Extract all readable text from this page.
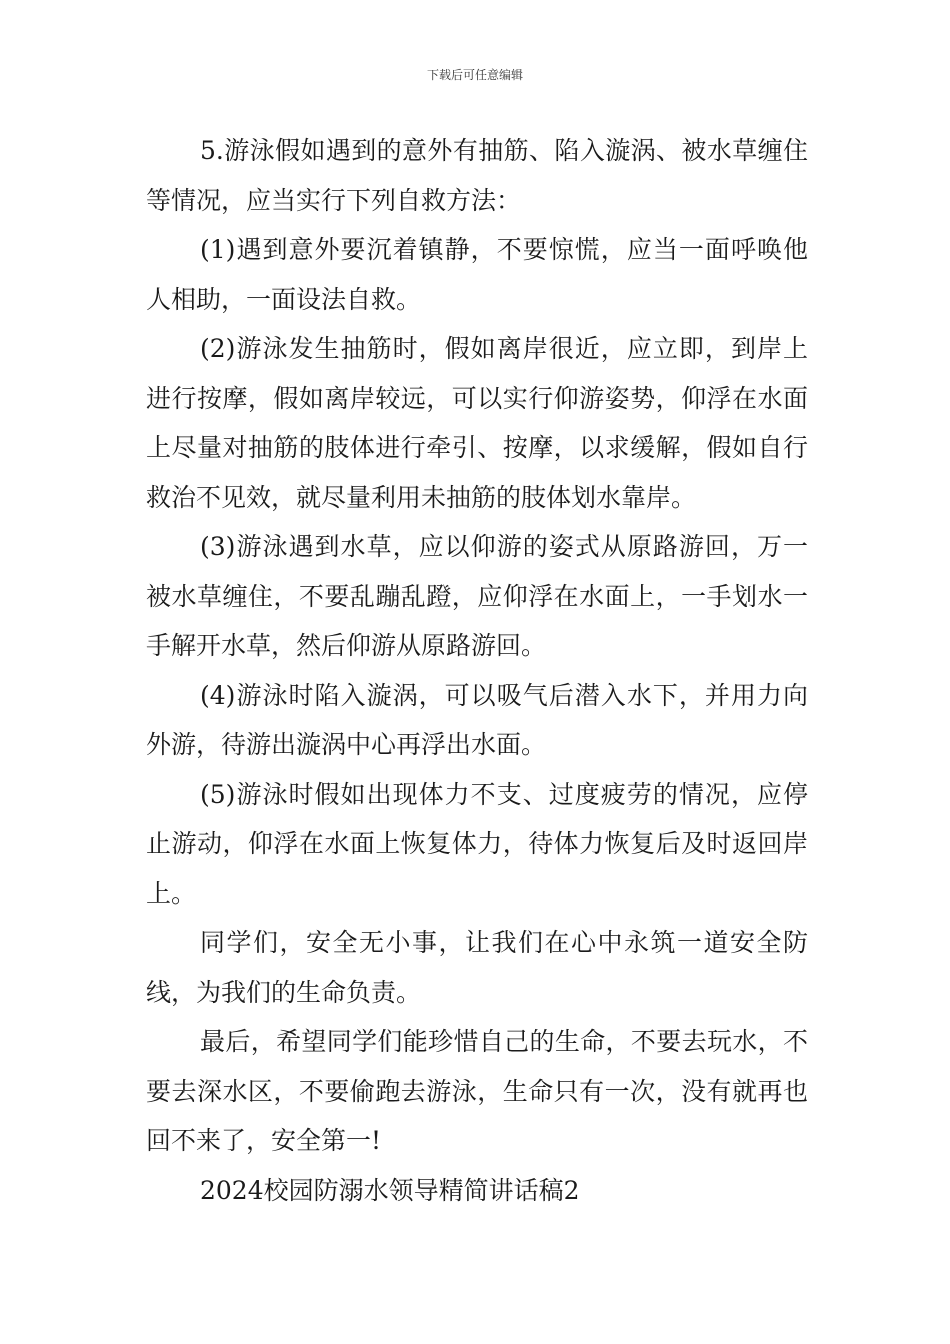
下载后可任意编辑

5.游泳假如遇到的意外有抽筋、陷入漩涡、被水草缠住等情况，应当实行下列自救方法：

(1)遇到意外要沉着镇静，不要惊慌，应当一面呼唤他人相助，一面设法自救。

(2)游泳发生抽筋时，假如离岸很近，应立即，到岸上进行按摩，假如离岸较远，可以实行仰游姿势，仰浮在水面上尽量对抽筋的肢体进行牵引、按摩，以求缓解，假如自行救治不见效，就尽量利用未抽筋的肢体划水靠岸。

(3)游泳遇到水草，应以仰游的姿式从原路游回，万一被水草缠住，不要乱蹦乱蹬，应仰浮在水面上，一手划水一手解开水草，然后仰游从原路游回。

(4)游泳时陷入漩涡，可以吸气后潜入水下，并用力向外游，待游出漩涡中心再浮出水面。

(5)游泳时假如出现体力不支、过度疲劳的情况，应停止游动，仰浮在水面上恢复体力，待体力恢复后及时返回岸上。

同学们，安全无小事，让我们在心中永筑一道安全防线，为我们的生命负责。

最后，希望同学们能珍惜自己的生命，不要去玩水，不要去深水区，不要偷跑去游泳，生命只有一次，没有就再也回不来了，安全第一!

2024校园防溺水领导精简讲话稿2
